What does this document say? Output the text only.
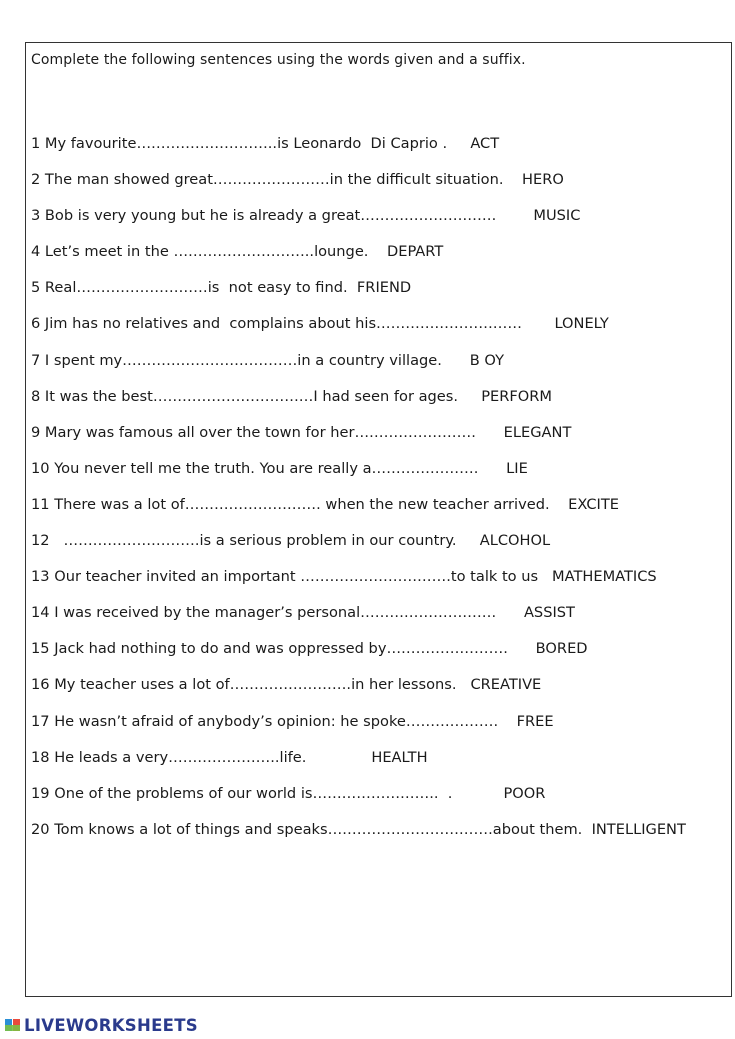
Complete the following sentences using the words given and a suffix.
1 My favourite………………………..is Leonardo  Di Caprio .     ACT
2 The man showed great……………………in the difficult situation.    HERO
3 Bob is very young but he is already a great……………………….        MUSIC
4 Let’s meet in the ………………………..lounge.    DEPART
5 Real………………………is  not easy to find.  FRIEND
6 Jim has no relatives and  complains about his…………………………       LONELY
7 I spent my………………………………in a country village.      B OY
8 It was the best……………………………I had seen for ages.     PERFORM
9 Mary was famous all over the town for her…………………….      ELEGANT
10 You never tell me the truth. You are really a………………….      LIE
11 There was a lot of………………………. when the new teacher arrived.    EXCITE
12   ……………………….is a serious problem in our country.     ALCOHOL
13 Our teacher invited an important ………………………….to talk to us   MATHEMATICS
14 I was received by the manager’s personal……………………….      ASSIST
15 Jack had nothing to do and was oppressed by…………………….      BORED
16 My teacher uses a lot of…………………….in her lessons.   CREATIVE
17 He wasn’t afraid of anybody’s opinion: he spoke……………….    FREE
18 He leads a very…………………..life.              HEALTH
19 One of the problems of our world is……………………..  .           POOR
20 Tom knows a lot of things and speaks…………………………….about them.  INTELLIGENT
LIVEWORKSHEETS
